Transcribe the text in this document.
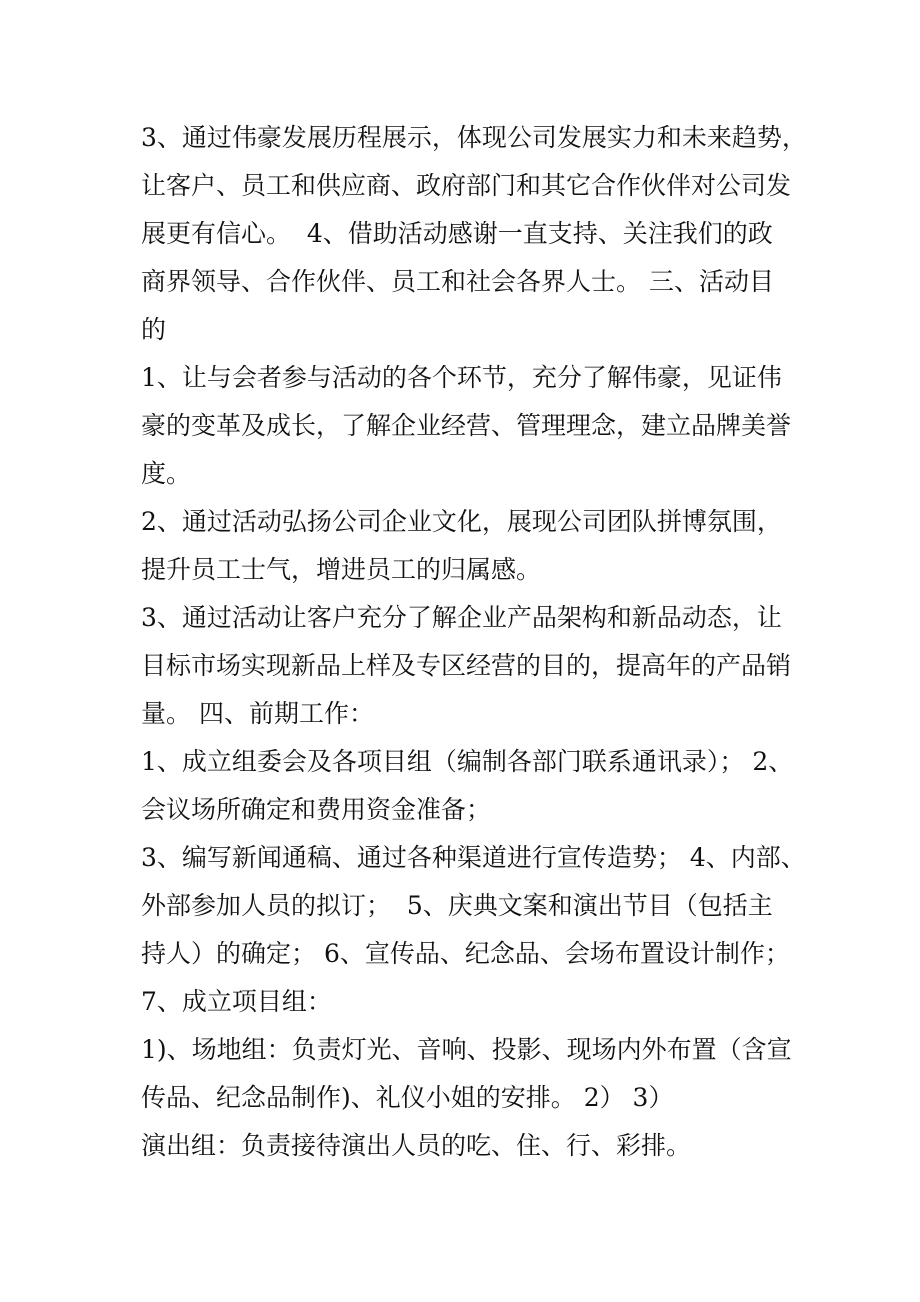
3、通过伟豪发展历程展示，体现公司发展实力和未来趋势，
让客户、员工和供应商、政府部门和其它合作伙伴对公司发
展更有信心。  4、借助活动感谢一直支持、关注我们的政
商界领导、合作伙伴、员工和社会各界人士。 三、活动目
的
1、让与会者参与活动的各个环节，充分了解伟豪，见证伟
豪的变革及成长，了解企业经营、管理理念，建立品牌美誉
度。
2、通过活动弘扬公司企业文化，展现公司团队拼博氛围，
提升员工士气，增进员工的归属感。
3、通过活动让客户充分了解企业产品架构和新品动态，让
目标市场实现新品上样及专区经营的目的，提高年的产品销
量。 四、前期工作：
1、成立组委会及各项目组（编制各部门联系通讯录）； 2、
会议场所确定和费用资金准备；
3、编写新闻通稿、通过各种渠道进行宣传造势； 4、内部、
外部参加人员的拟订；  5、庆典文案和演出节目（包括主
持人）的确定； 6、宣传品、纪念品、会场布置设计制作；
7、成立项目组：
1)、场地组：负责灯光、音响、投影、现场内外布置（含宣
传品、纪念品制作)、礼仪小姐的安排。 2） 3）
演出组：负责接待演出人员的吃、住、行、彩排。
